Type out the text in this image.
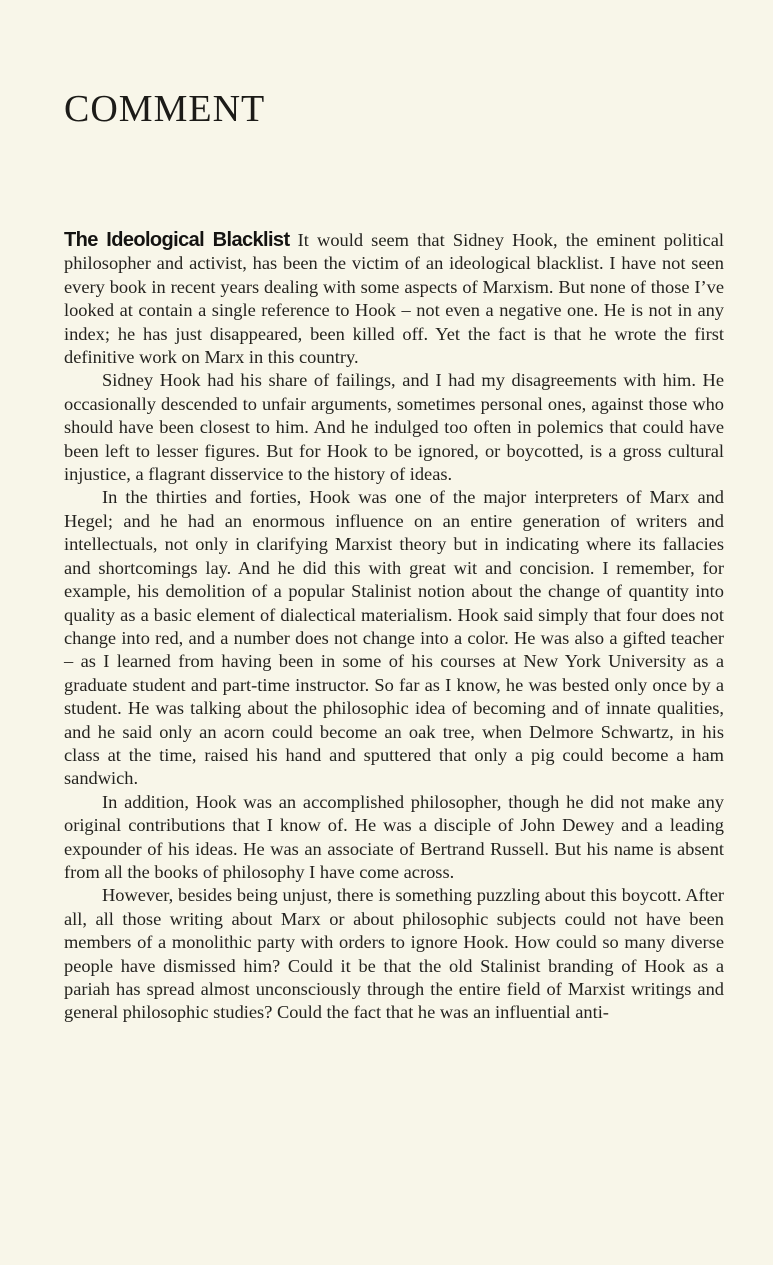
COMMENT

The Ideological Blacklist It would seem that Sidney Hook, the eminent political philosopher and activist, has been the victim of an ideological blacklist. I have not seen every book in recent years dealing with some aspects of Marxism. But none of those I’ve looked at contain a single reference to Hook – not even a negative one. He is not in any index; he has just disappeared, been killed off. Yet the fact is that he wrote the first definitive work on Marx in this country.

Sidney Hook had his share of failings, and I had my disagreements with him. He occasionally descended to unfair arguments, sometimes personal ones, against those who should have been closest to him. And he indulged too often in polemics that could have been left to lesser figures. But for Hook to be ignored, or boycotted, is a gross cultural injustice, a flagrant disservice to the history of ideas.

In the thirties and forties, Hook was one of the major interpreters of Marx and Hegel; and he had an enormous influence on an entire generation of writers and intellectuals, not only in clarifying Marxist theory but in indicating where its fallacies and shortcomings lay. And he did this with great wit and concision. I remember, for example, his demolition of a popular Stalinist notion about the change of quantity into quality as a basic element of dialectical materialism. Hook said simply that four does not change into red, and a number does not change into a color. He was also a gifted teacher – as I learned from having been in some of his courses at New York University as a graduate student and part-time instructor. So far as I know, he was bested only once by a student. He was talking about the philosophic idea of becoming and of innate qualities, and he said only an acorn could become an oak tree, when Delmore Schwartz, in his class at the time, raised his hand and sputtered that only a pig could become a ham sandwich.

In addition, Hook was an accomplished philosopher, though he did not make any original contributions that I know of. He was a disciple of John Dewey and a leading expounder of his ideas. He was an associate of Bertrand Russell. But his name is absent from all the books of philosophy I have come across.

However, besides being unjust, there is something puzzling about this boycott. After all, all those writing about Marx or about philosophic subjects could not have been members of a monolithic party with orders to ignore Hook. How could so many diverse people have dismissed him? Could it be that the old Stalinist branding of Hook as a pariah has spread almost unconsciously through the entire field of Marxist writings and general philosophic studies? Could the fact that he was an influential anti-
